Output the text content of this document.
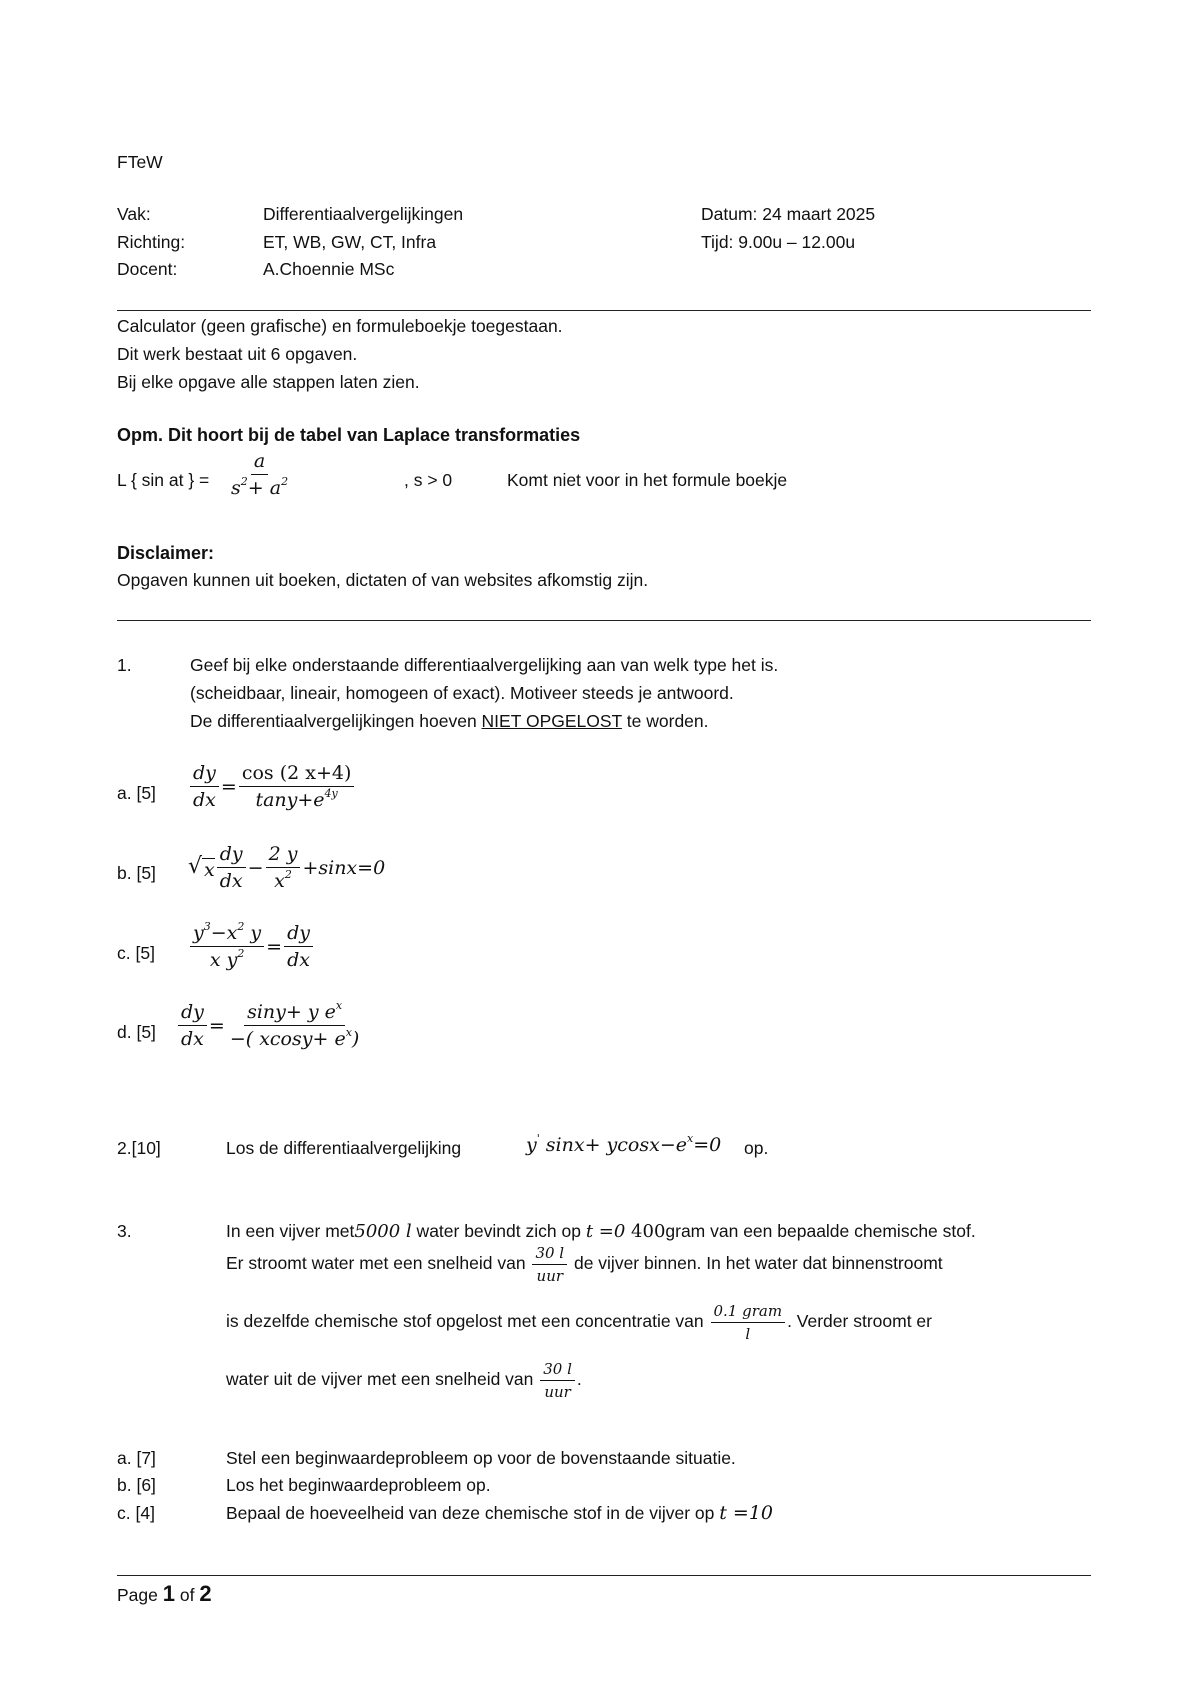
FTeW
Vak:	Differentiaalvergelijkingen	Datum: 24 maart 2025
Richting:	ET, WB, GW, CT, Infra	Tijd: 9.00u – 12.00u
Docent:	A.Choennie MSc
Calculator (geen grafische) en formuleboekje toegestaan.
Dit werk bestaat uit 6 opgaven.
Bij elke opgave alle stappen laten zien.
Opm. Dit hoort bij de tabel van Laplace transformaties
L { sin at } = $\frac{a}{s^2+ a^2}$	, s > 0	Komt niet voor in het formule boekje
Disclaimer:
Opgaven kunnen uit boeken, dictaten of van websites afkomstig zijn.
1.	Geef bij elke onderstaande differentiaalvergelijking aan van welk type het is.
(scheidbaar, lineair, homogeen of exact). Motiveer steeds je antwoord.
De differentiaalvergelijkingen hoeven NIET OPGELOST te worden.
a. $[5] \frac{dy}{dx} = \frac{\cos (2 x+4)}{\tan y+e^{4y}}$
b. [5] √ x $\frac{dy}{dx} - \frac{2 y}{x^2} +\sin x=0$
c. $[5] \frac{y^3-x^2 y}{x y^2} = \frac{dy}{dx}$
d. $[5] \frac{dy}{dx} = \frac{\sin y+ y e^x}{-( xcosy+ e^x)}$
2.[10]	Los de differentiaalvergelijking	y' $\sin x+ ycosx-e^x=0$ op.
3.	In een vijver met5000 l water bevindt zich op t =0 400gram van een bepaalde chemische stof.
Er stroomt water met een snelheid van $\frac{30 l}{\text{uur}}$ de vijver binnen. In het water dat binnenstroomt
is dezelfde chemische stof opgelost met een concentratie van $\frac{\text{0.1 gram}}{l}$ . Verder stroomt er
water uit de vijver met een snelheid van $\frac{30 l}{\text{uur}}$ .
a. [7]	Stel een beginwaardeprobleem op voor de bovenstaande situatie.
b. [6]	Los het beginwaardeprobleem op.
c. [4]	Bepaal de hoeveelheid van deze chemische stof in de vijver op t =10
Page 1 of 2
